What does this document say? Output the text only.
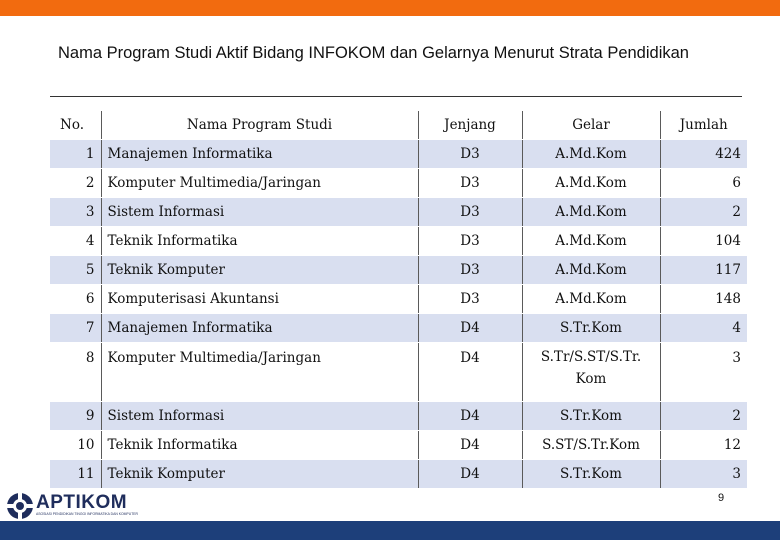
Nama Program Studi Aktif Bidang INFOKOM dan Gelarnya Menurut Strata Pendidikan
No.	Nama Program Studi	Jenjang	Gelar	Jumlah
1	Manajemen Informatika	D3	A.Md.Kom	424
2	Komputer Multimedia/Jaringan	D3	A.Md.Kom	6
3	Sistem Informasi	D3	A.Md.Kom	2
4	Teknik Informatika	D3	A.Md.Kom	104
5	Teknik Komputer	D3	A.Md.Kom	117
6	Komputerisasi Akuntansi	D3	A.Md.Kom	148
7	Manajemen Informatika	D4	S.Tr.Kom	4
8	Komputer Multimedia/Jaringan	D4	S.Tr/S.ST/S.Tr. Kom	3
9	Sistem Informasi	D4	S.Tr.Kom	2
10	Teknik Informatika	D4	S.ST/S.Tr.Kom	12
11	Teknik Komputer	D4	S.Tr.Kom	3
9
APTIKOM
ASOSIASI PENDIDIKAN TINGGI INFORMATIKA DAN KOMPUTER
